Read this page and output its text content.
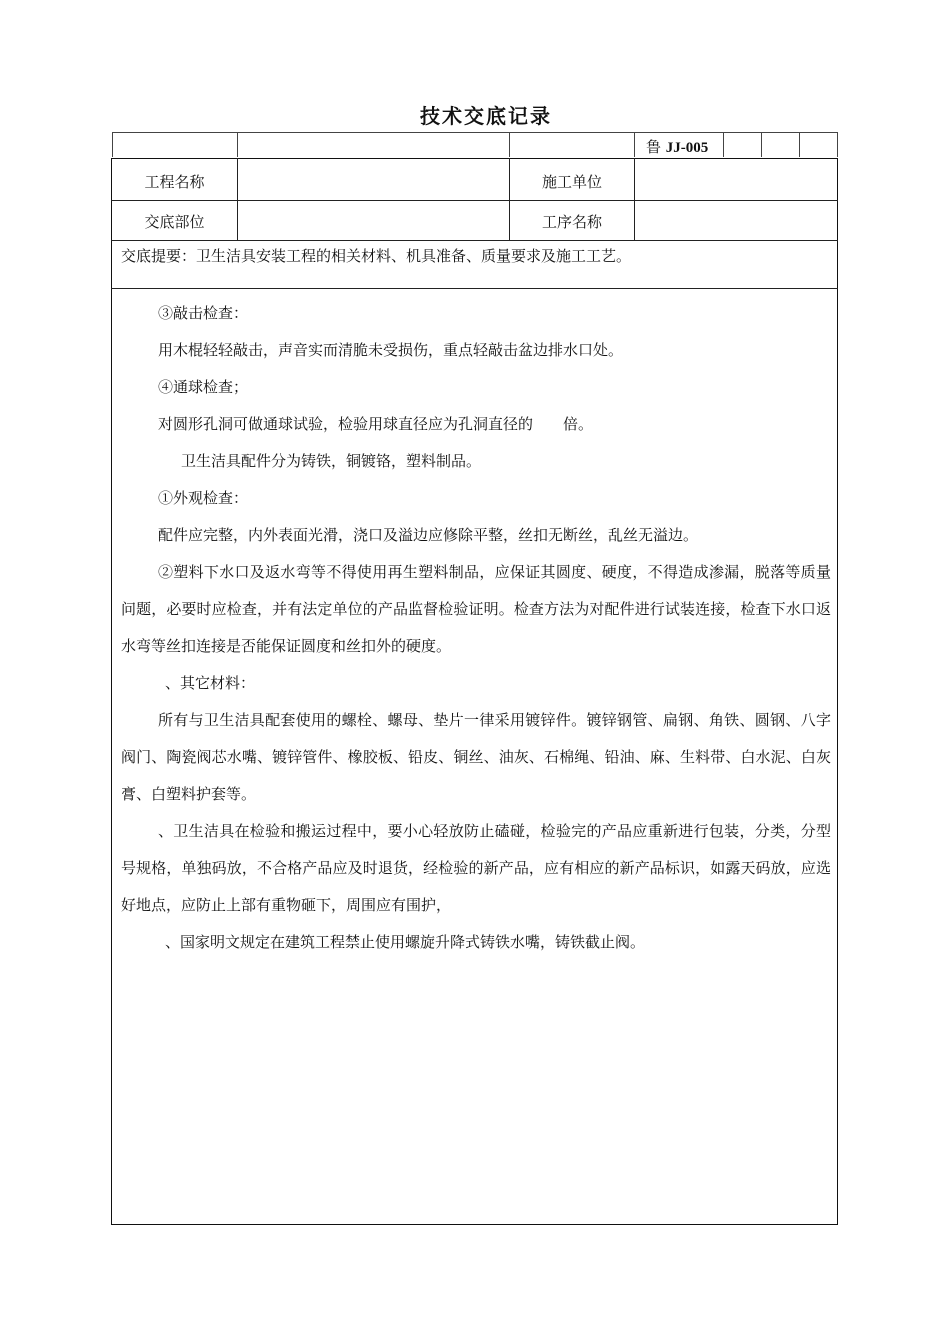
技术交底记录
鲁 JJ-005
工程名称	施工单位
交底部位	工序名称
交底提要：卫生洁具安装工程的相关材料、机具准备、质量要求及施工工艺。

③敲击检查：

用木棍轻轻敲击，声音实而清脆未受损伤，重点轻敲击盆边排水口处。

④通球检查；

对圆形孔洞可做通球试验，检验用球直径应为孔洞直径的　　倍。

卫生洁具配件分为铸铁，铜镀铬，塑料制品。

①外观检查：

配件应完整，内外表面光滑，浇口及溢边应修除平整，丝扣无断丝，乱丝无溢边。

②塑料下水口及返水弯等不得使用再生塑料制品，应保证其圆度、硬度，不得造成渗漏，脱落等质量问题，必要时应检查，并有法定单位的产品监督检验证明。检查方法为对配件进行试装连接，检查下水口返水弯等丝扣连接是否能保证圆度和丝扣外的硬度。

、其它材料：

所有与卫生洁具配套使用的螺栓、螺母、垫片一律采用镀锌件。镀锌钢管、扁钢、角铁、圆钢、八字阀门、陶瓷阀芯水嘴、镀锌管件、橡胶板、铅皮、铜丝、油灰、石棉绳、铅油、麻、生料带、白水泥、白灰膏、白塑料护套等。

、卫生洁具在检验和搬运过程中，要小心轻放防止磕碰，检验完的产品应重新进行包装，分类，分型号规格，单独码放，不合格产品应及时退货，经检验的新产品，应有相应的新产品标识，如露天码放，应选好地点，应防止上部有重物砸下，周围应有围护，

、国家明文规定在建筑工程禁止使用螺旋升降式铸铁水嘴，铸铁截止阀。
